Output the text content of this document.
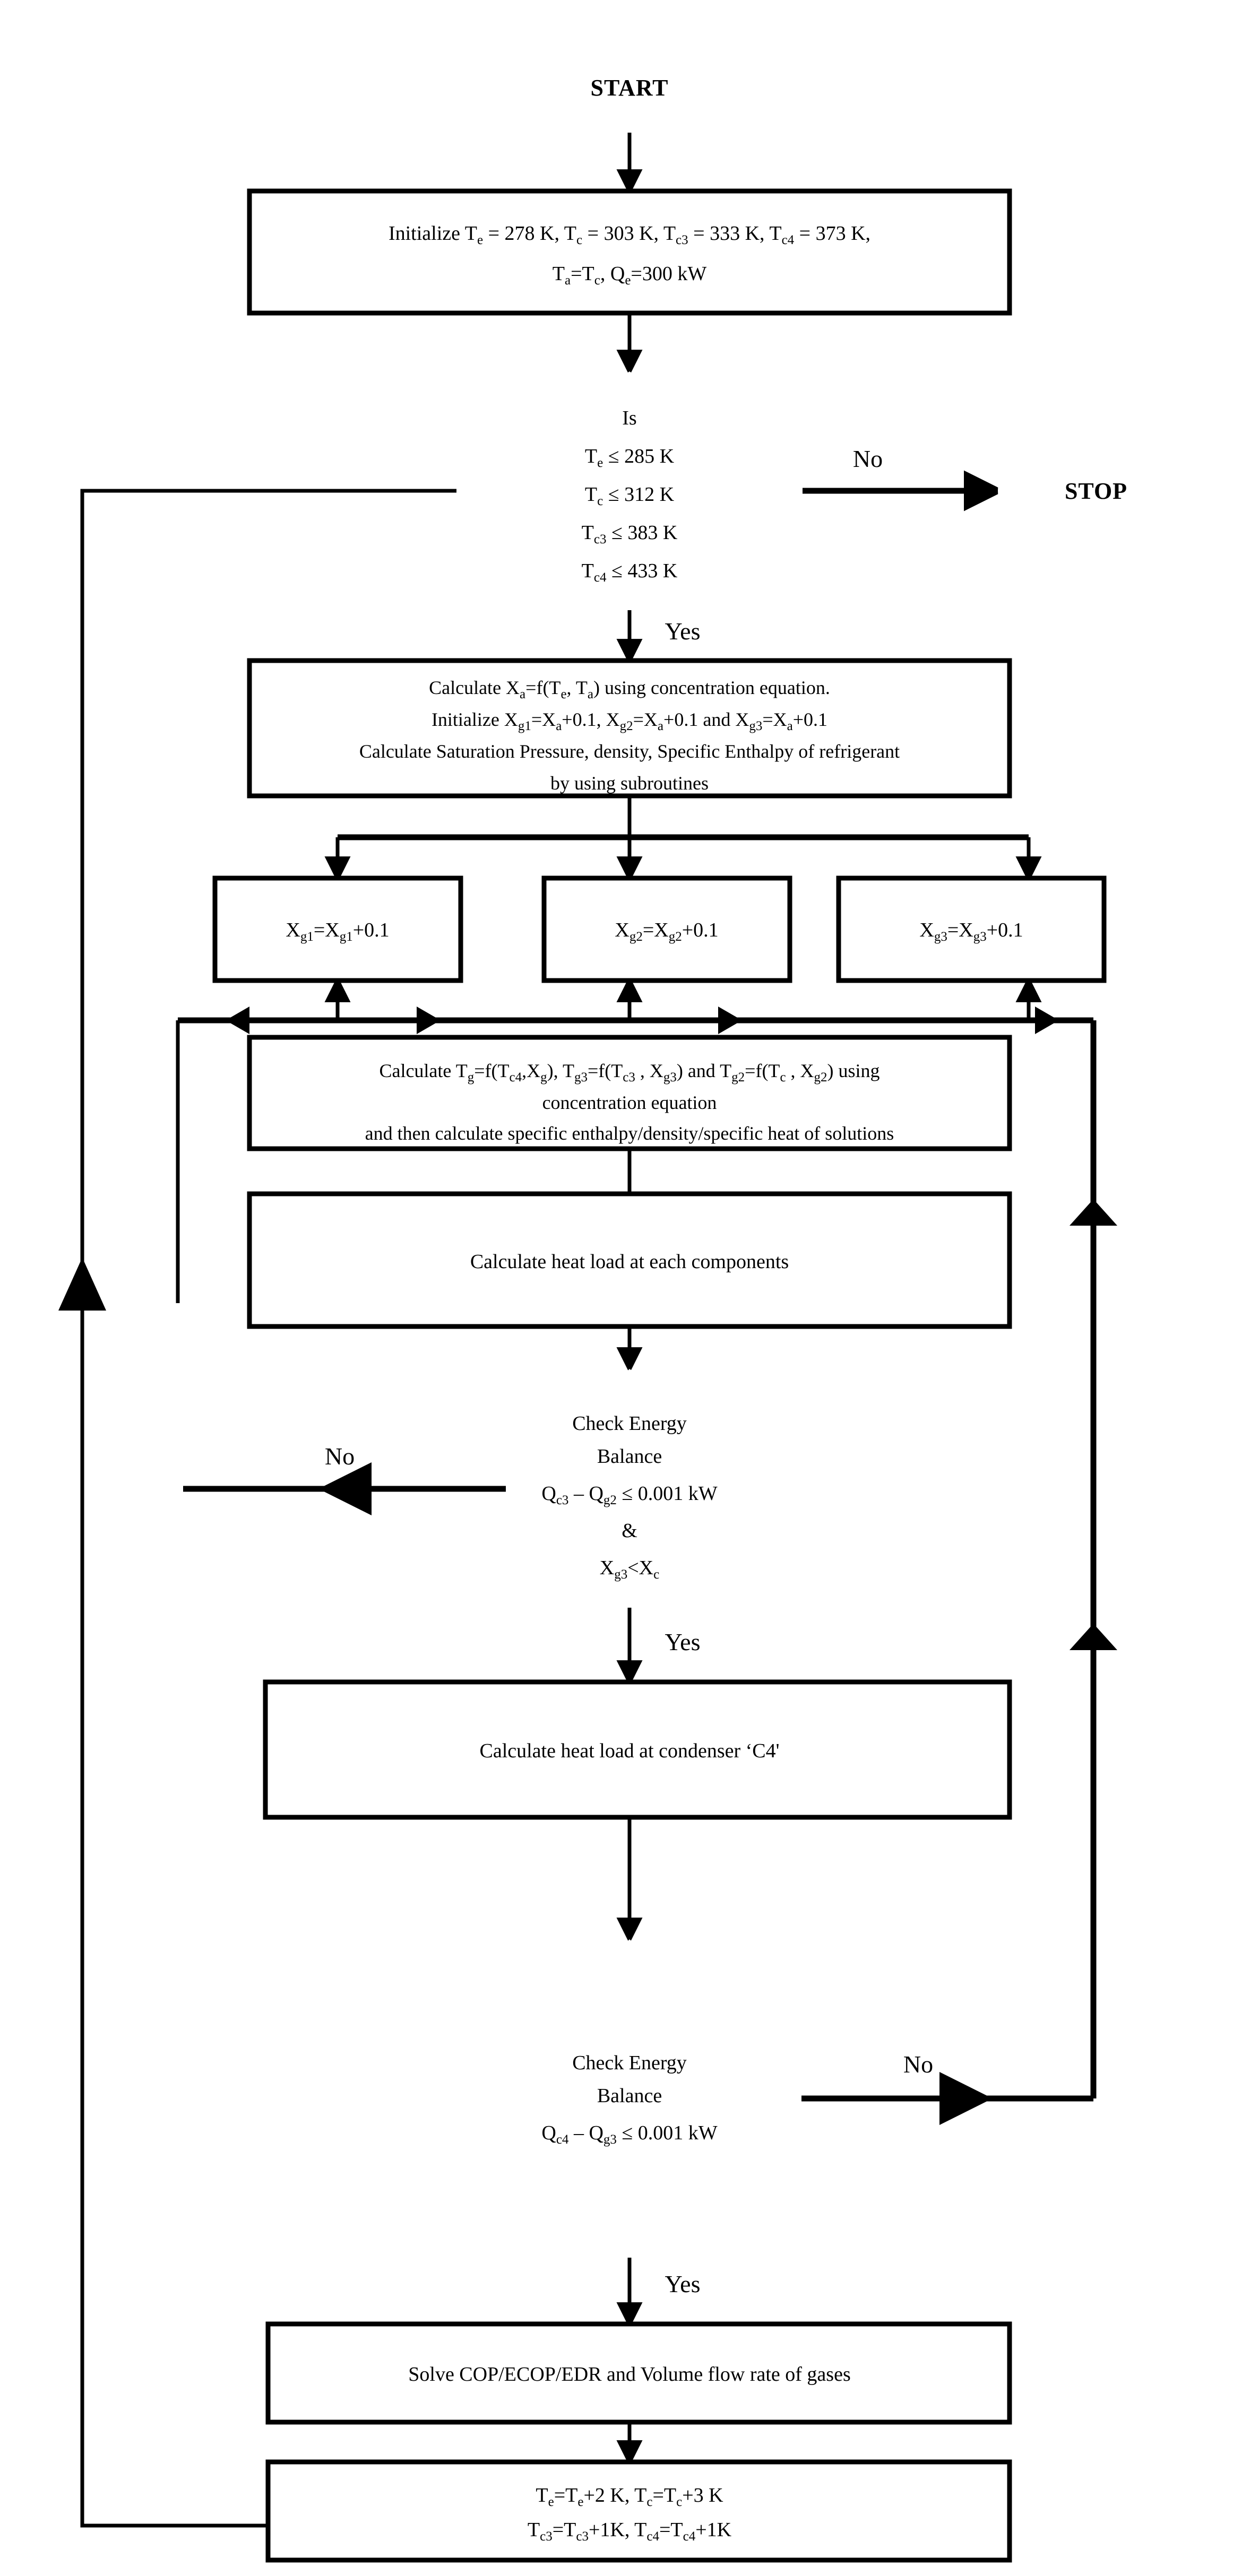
START
STOP
Initialize Te = 278 K, Tc = 303 K, Tc3 = 333 K, Tc4 = 373 K,
Ta=Tc, Qe=300 kW
Is
Te ≤ 285 K
Tc ≤ 312 K
Tc3 ≤ 383 K
Tc4 ≤ 433 K
No
Yes
Calculate Xa=f(Te, Ta) using concentration equation.
Initialize Xg1=Xa+0.1, Xg2=Xa+0.1 and Xg3=Xa+0.1
Calculate Saturation Pressure, density, Specific Enthalpy of refrigerant
by using subroutines
Xg1=Xg1+0.1	Xg2=Xg2+0.1	Xg3=Xg3+0.1
Calculate Tg=f(Tc4,Xg), Tg3=f(Tc3 , Xg3) and Tg2=f(Tc , Xg2) using
concentration equation
and then calculate specific enthalpy/density/specific heat of solutions
Calculate heat load at each components
Check Energy
Balance
Qc3 – Qg2 ≤ 0.001 kW
&
Xg3<Xc
No
Yes
Calculate heat load at condenser ‘C4'
Check Energy
Balance
Qc4 – Qg3 ≤ 0.001 kW
No
Yes
Solve COP/ECOP/EDR and Volume flow rate of gases
Te=Te+2 K, Tc=Tc+3 K
Tc3=Tc3+1K, Tc4=Tc4+1K
